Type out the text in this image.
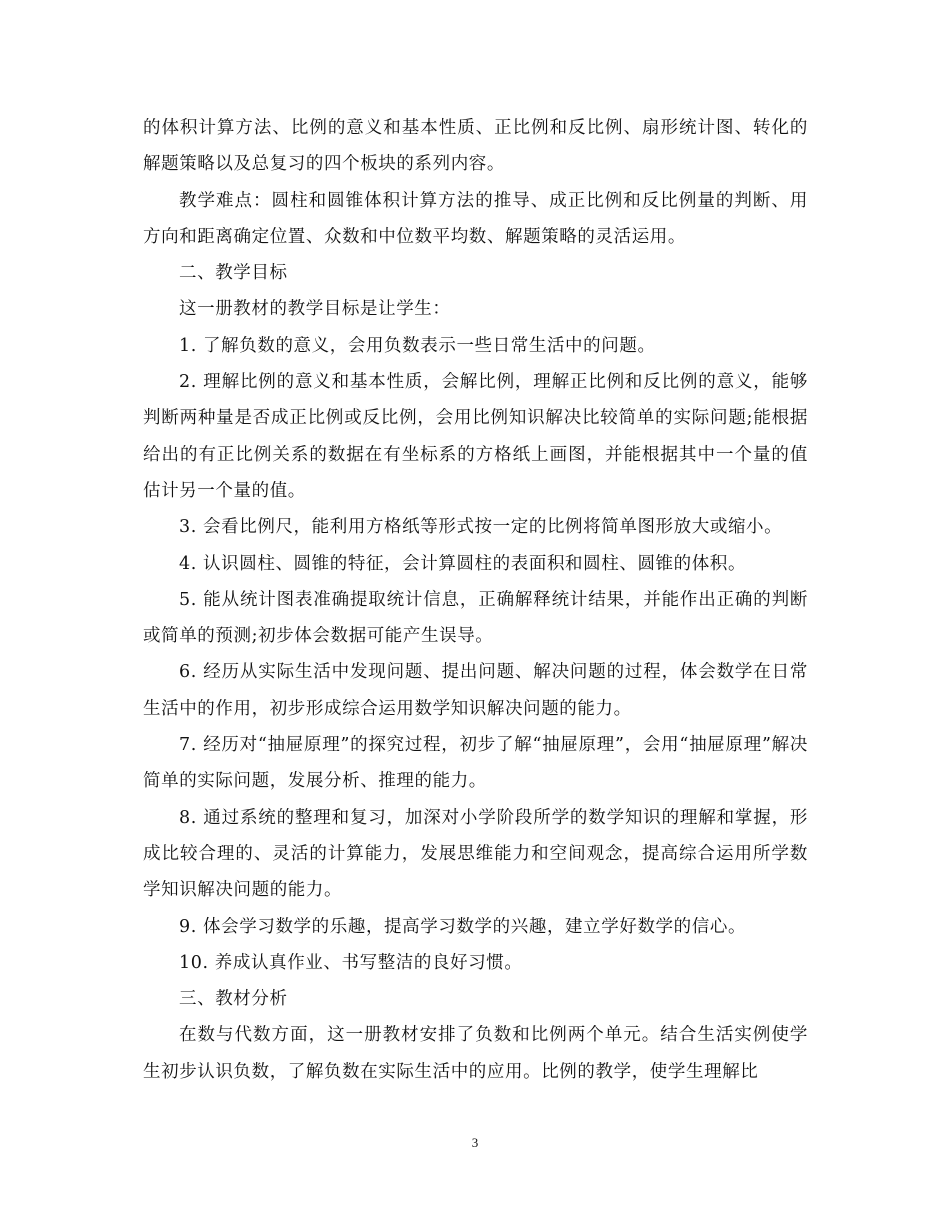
的体积计算方法、比例的意义和基本性质、正比例和反比例、扇形统计图、转化的解题策略以及总复习的四个板块的系列内容。

教学难点：圆柱和圆锥体积计算方法的推导、成正比例和反比例量的判断、用方向和距离确定位置、众数和中位数平均数、解题策略的灵活运用。

二、教学目标

这一册教材的教学目标是让学生：

1. 了解负数的意义，会用负数表示一些日常生活中的问题。

2. 理解比例的意义和基本性质，会解比例，理解正比例和反比例的意义，能够判断两种量是否成正比例或反比例，会用比例知识解决比较简单的实际问题;能根据给出的有正比例关系的数据在有坐标系的方格纸上画图，并能根据其中一个量的值估计另一个量的值。

3. 会看比例尺，能利用方格纸等形式按一定的比例将简单图形放大或缩小。

4. 认识圆柱、圆锥的特征，会计算圆柱的表面积和圆柱、圆锥的体积。

5. 能从统计图表准确提取统计信息，正确解释统计结果，并能作出正确的判断或简单的预测;初步体会数据可能产生误导。

6. 经历从实际生活中发现问题、提出问题、解决问题的过程，体会数学在日常生活中的作用，初步形成综合运用数学知识解决问题的能力。

7. 经历对“抽屉原理”的探究过程，初步了解“抽屉原理”，会用“抽屉原理”解决简单的实际问题，发展分析、推理的能力。

8. 通过系统的整理和复习，加深对小学阶段所学的数学知识的理解和掌握，形成比较合理的、灵活的计算能力，发展思维能力和空间观念，提高综合运用所学数学知识解决问题的能力。

9. 体会学习数学的乐趣，提高学习数学的兴趣，建立学好数学的信心。

10. 养成认真作业、书写整洁的良好习惯。

三、教材分析

在数与代数方面，这一册教材安排了负数和比例两个单元。结合生活实例使学生初步认识负数，了解负数在实际生活中的应用。比例的教学，使学生理解比

3
